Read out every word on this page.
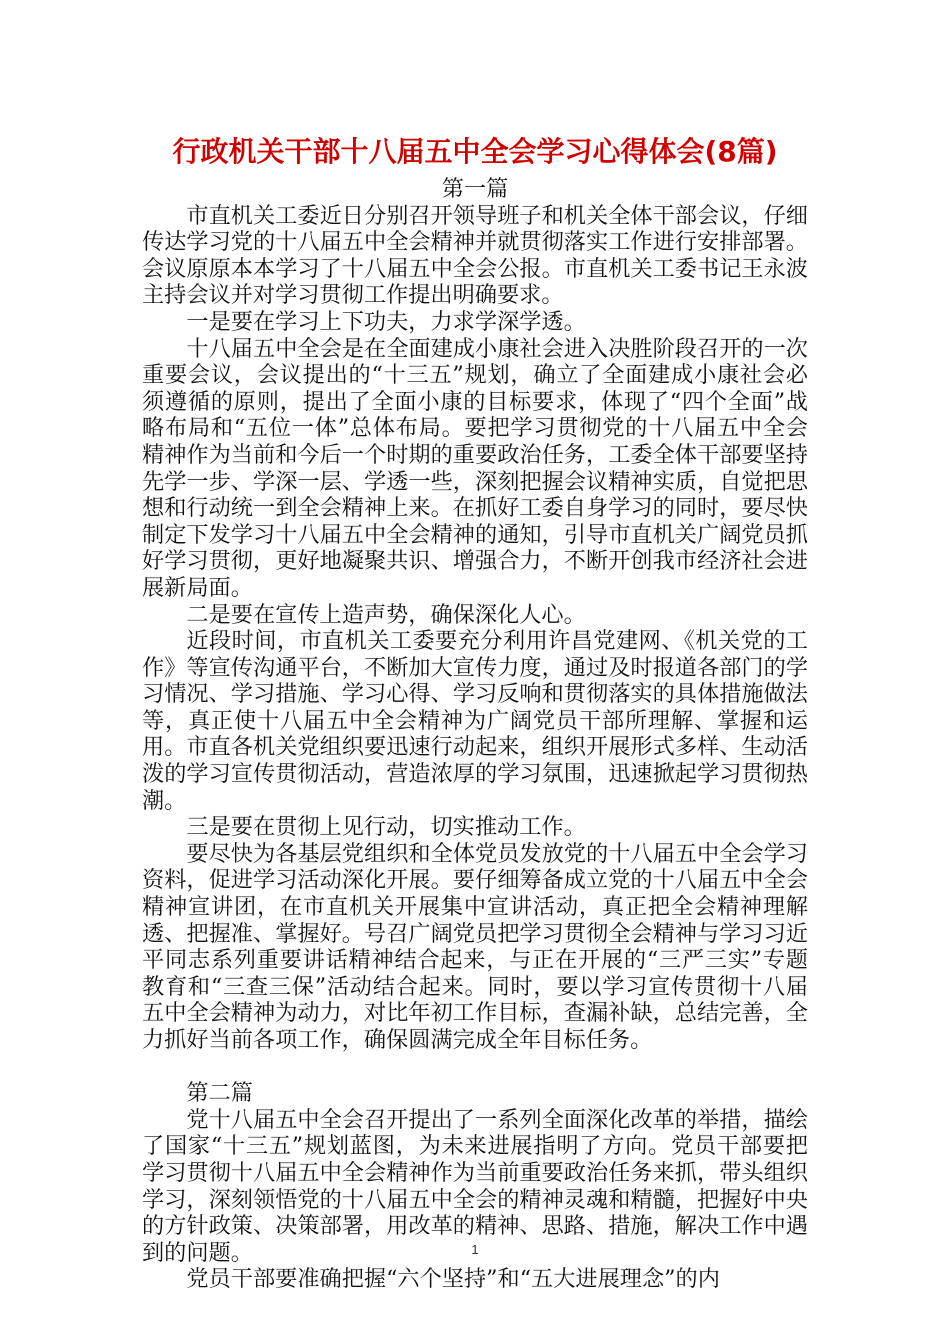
行政机关干部十八届五中全会学习心得体会(8篇)

第一篇

市直机关工委近日分别召开领导班子和机关全体干部会议，仔细传达学习党的十八届五中全会精神并就贯彻落实工作进行安排部署。会议原原本本学习了十八届五中全会公报。市直机关工委书记王永波主持会议并对学习贯彻工作提出明确要求。

一是要在学习上下功夫，力求学深学透。

十八届五中全会是在全面建成小康社会进入决胜阶段召开的一次重要会议，会议提出的“十三五”规划，确立了全面建成小康社会必须遵循的原则，提出了全面小康的目标要求，体现了“四个全面”战略布局和“五位一体”总体布局。要把学习贯彻党的十八届五中全会精神作为当前和今后一个时期的重要政治任务，工委全体干部要坚持先学一步、学深一层、学透一些，深刻把握会议精神实质，自觉把思想和行动统一到全会精神上来。在抓好工委自身学习的同时，要尽快制定下发学习十八届五中全会精神的通知，引导市直机关广阔党员抓好学习贯彻，更好地凝聚共识、增强合力，不断开创我市经济社会进展新局面。

二是要在宣传上造声势，确保深化人心。

近段时间，市直机关工委要充分利用许昌党建网、《机关党的工作》等宣传沟通平台，不断加大宣传力度，通过及时报道各部门的学习情况、学习措施、学习心得、学习反响和贯彻落实的具体措施做法等，真正使十八届五中全会精神为广阔党员干部所理解、掌握和运用。市直各机关党组织要迅速行动起来，组织开展形式多样、生动活泼的学习宣传贯彻活动，营造浓厚的学习氛围，迅速掀起学习贯彻热潮。

三是要在贯彻上见行动，切实推动工作。

要尽快为各基层党组织和全体党员发放党的十八届五中全会学习资料，促进学习活动深化开展。要仔细筹备成立党的十八届五中全会精神宣讲团，在市直机关开展集中宣讲活动，真正把全会精神理解透、把握准、掌握好。号召广阔党员把学习贯彻全会精神与学习习近平同志系列重要讲话精神结合起来，与正在开展的“三严三实”专题教育和“三查三保”活动结合起来。同时，要以学习宣传贯彻十八届五中全会精神为动力，对比年初工作目标，查漏补缺，总结完善，全力抓好当前各项工作，确保圆满完成全年目标任务。

第二篇

党十八届五中全会召开提出了一系列全面深化改革的举措，描绘了国家“十三五”规划蓝图，为未来进展指明了方向。党员干部要把学习贯彻十八届五中全会精神作为当前重要政治任务来抓，带头组织学习，深刻领悟党的十八届五中全会的精神灵魂和精髓，把握好中央的方针政策、决策部署，用改革的精神、思路、措施，解决工作中遇到的问题。

党员干部要准确把握“六个坚持”和“五大进展理念”的内

1
